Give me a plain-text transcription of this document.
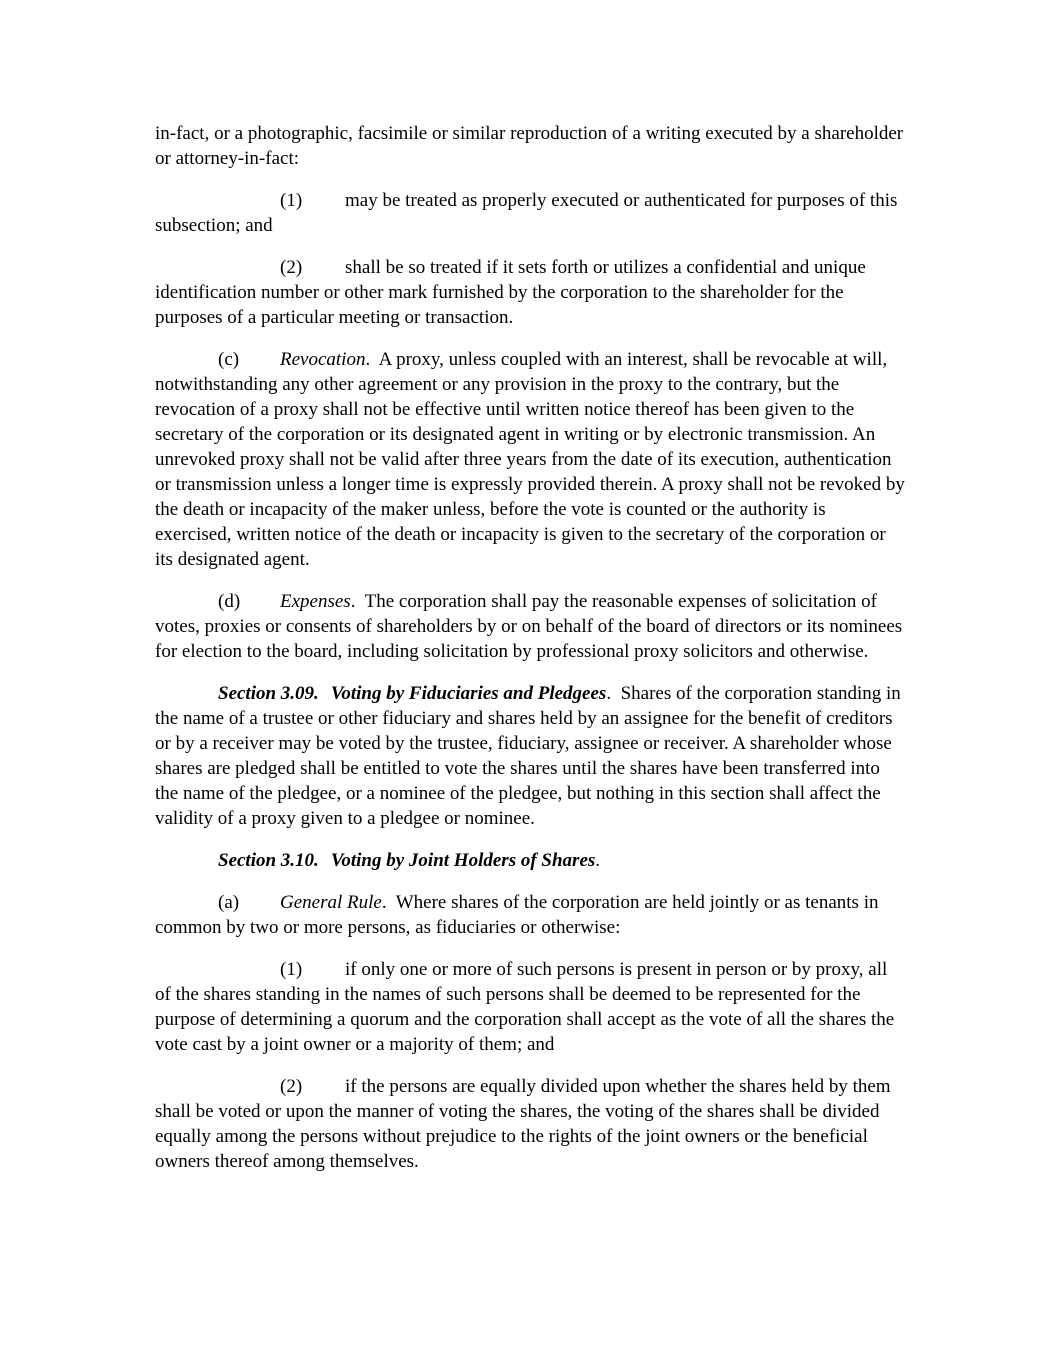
in-fact, or a photographic, facsimile or similar reproduction of a writing executed by a shareholder or attorney-in-fact:

(1) may be treated as properly executed or authenticated for purposes of this subsection; and

(2) shall be so treated if it sets forth or utilizes a confidential and unique identification number or other mark furnished by the corporation to the shareholder for the purposes of a particular meeting or transaction.

(c) Revocation.  A proxy, unless coupled with an interest, shall be revocable at will, notwithstanding any other agreement or any provision in the proxy to the contrary, but the revocation of a proxy shall not be effective until written notice thereof has been given to the secretary of the corporation or its designated agent in writing or by electronic transmission. An unrevoked proxy shall not be valid after three years from the date of its execution, authentication or transmission unless a longer time is expressly provided therein. A proxy shall not be revoked by the death or incapacity of the maker unless, before the vote is counted or the authority is exercised, written notice of the death or incapacity is given to the secretary of the corporation or its designated agent.

(d) Expenses.  The corporation shall pay the reasonable expenses of solicitation of votes, proxies or consents of shareholders by or on behalf of the board of directors or its nominees for election to the board, including solicitation by professional proxy solicitors and otherwise.

Section 3.09. Voting by Fiduciaries and Pledgees.  Shares of the corporation standing in the name of a trustee or other fiduciary and shares held by an assignee for the benefit of creditors or by a receiver may be voted by the trustee, fiduciary, assignee or receiver. A shareholder whose shares are pledged shall be entitled to vote the shares until the shares have been transferred into the name of the pledgee, or a nominee of the pledgee, but nothing in this section shall affect the validity of a proxy given to a pledgee or nominee.

Section 3.10. Voting by Joint Holders of Shares.

(a) General Rule.  Where shares of the corporation are held jointly or as tenants in common by two or more persons, as fiduciaries or otherwise:

(1) if only one or more of such persons is present in person or by proxy, all of the shares standing in the names of such persons shall be deemed to be represented for the purpose of determining a quorum and the corporation shall accept as the vote of all the shares the vote cast by a joint owner or a majority of them; and

(2) if the persons are equally divided upon whether the shares held by them shall be voted or upon the manner of voting the shares, the voting of the shares shall be divided equally among the persons without prejudice to the rights of the joint owners or the beneficial owners thereof among themselves.
